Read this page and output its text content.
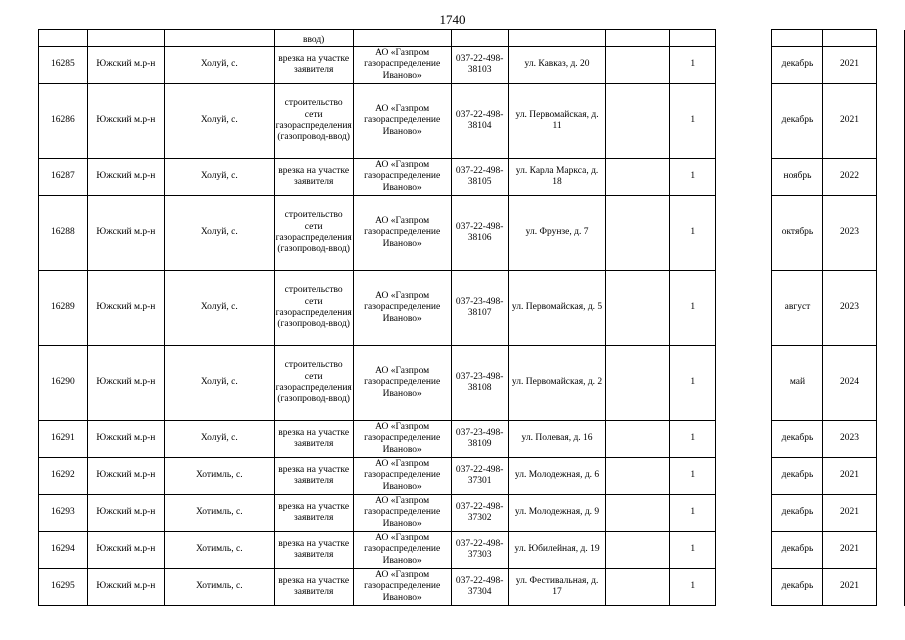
1740
			ввод)									
16285	Южский м.р-н	Холуй, с.	врезка на участке заявителя	АО «Газпром газораспределение Иваново»	037-22-498-38103	ул. Кавказ, д. 20		1		декабрь	2021	
16286	Южский м.р-н	Холуй, с.	строительство сети газораспределения (газопровод-ввод)	АО «Газпром газораспределение Иваново»	037-22-498-38104	ул. Первомайская, д. 11		1		декабрь	2021	
16287	Южский м.р-н	Холуй, с.	врезка на участке заявителя	АО «Газпром газораспределение Иваново»	037-22-498-38105	ул. Карла Маркса, д. 18		1		ноябрь	2022	
16288	Южский м.р-н	Холуй, с.	строительство сети газораспределения (газопровод-ввод)	АО «Газпром газораспределение Иваново»	037-22-498-38106	ул. Фрунзе, д. 7		1		октябрь	2023	
16289	Южский м.р-н	Холуй, с.	строительство сети газораспределения (газопровод-ввод)	АО «Газпром газораспределение Иваново»	037-23-498-38107	ул. Первомайская, д. 5		1		август	2023	
16290	Южский м.р-н	Холуй, с.	строительство сети газораспределения (газопровод-ввод)	АО «Газпром газораспределение Иваново»	037-23-498-38108	ул. Первомайская, д. 2		1		май	2024	
16291	Южский м.р-н	Холуй, с.	врезка на участке заявителя	АО «Газпром газораспределение Иваново»	037-23-498-38109	ул. Полевая, д. 16		1		декабрь	2023	
16292	Южский м.р-н	Хотимль, с.	врезка на участке заявителя	АО «Газпром газораспределение Иваново»	037-22-498-37301	ул. Молодежная, д. 6		1		декабрь	2021	
16293	Южский м.р-н	Хотимль, с.	врезка на участке заявителя	АО «Газпром газораспределение Иваново»	037-22-498-37302	ул. Молодежная, д. 9		1		декабрь	2021	
16294	Южский м.р-н	Хотимль, с.	врезка на участке заявителя	АО «Газпром газораспределение Иваново»	037-22-498-37303	ул. Юбилейная, д. 19		1		декабрь	2021	
16295	Южский м.р-н	Хотимль, с.	врезка на участке заявителя	АО «Газпром газораспределение Иваново»	037-22-498-37304	ул. Фестивальная, д. 17		1		декабрь	2021	
